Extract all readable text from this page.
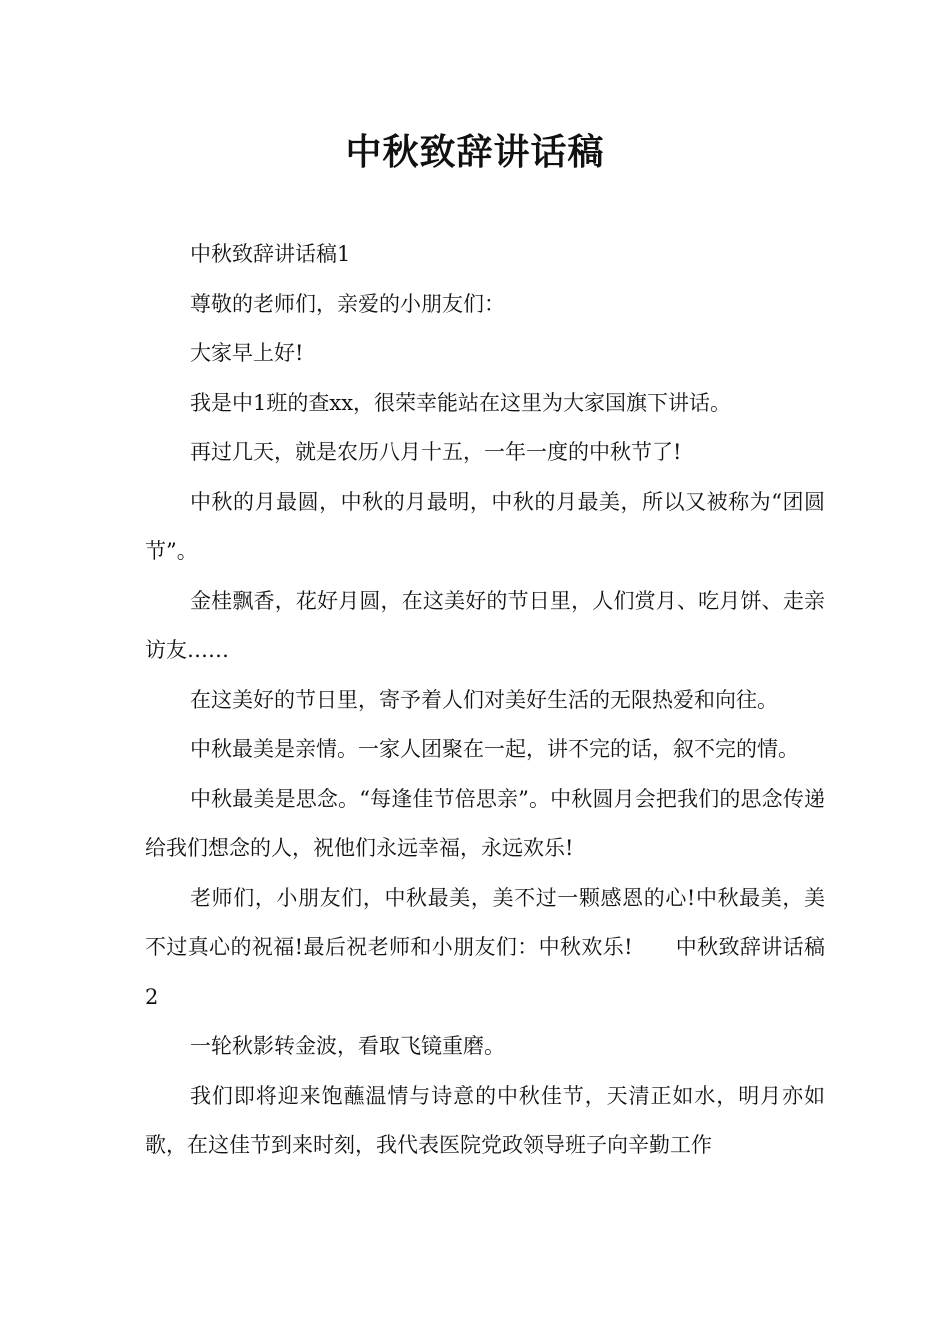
中秋致辞讲话稿

中秋致辞讲话稿1

尊敬的老师们，亲爱的小朋友们：

大家早上好!

我是中1班的查xx，很荣幸能站在这里为大家国旗下讲话。

再过几天，就是农历八月十五，一年一度的中秋节了!

中秋的月最圆，中秋的月最明，中秋的月最美，所以又被称为“团圆节”。

金桂飘香，花好月圆，在这美好的节日里，人们赏月、吃月饼、走亲访友……

在这美好的节日里，寄予着人们对美好生活的无限热爱和向往。

中秋最美是亲情。一家人团聚在一起，讲不完的话，叙不完的情。

中秋最美是思念。“每逢佳节倍思亲”。中秋圆月会把我们的思念传递给我们想念的人，祝他们永远幸福，永远欢乐!

老师们，小朋友们，中秋最美，美不过一颗感恩的心!中秋最美，美不过真心的祝福!最后祝老师和小朋友们：中秋欢乐!　　中秋致辞讲话稿2

一轮秋影转金波，看取飞镜重磨。

我们即将迎来饱蘸温情与诗意的中秋佳节，天清正如水，明月亦如歌，在这佳节到来时刻，我代表医院党政领导班子向辛勤工作
